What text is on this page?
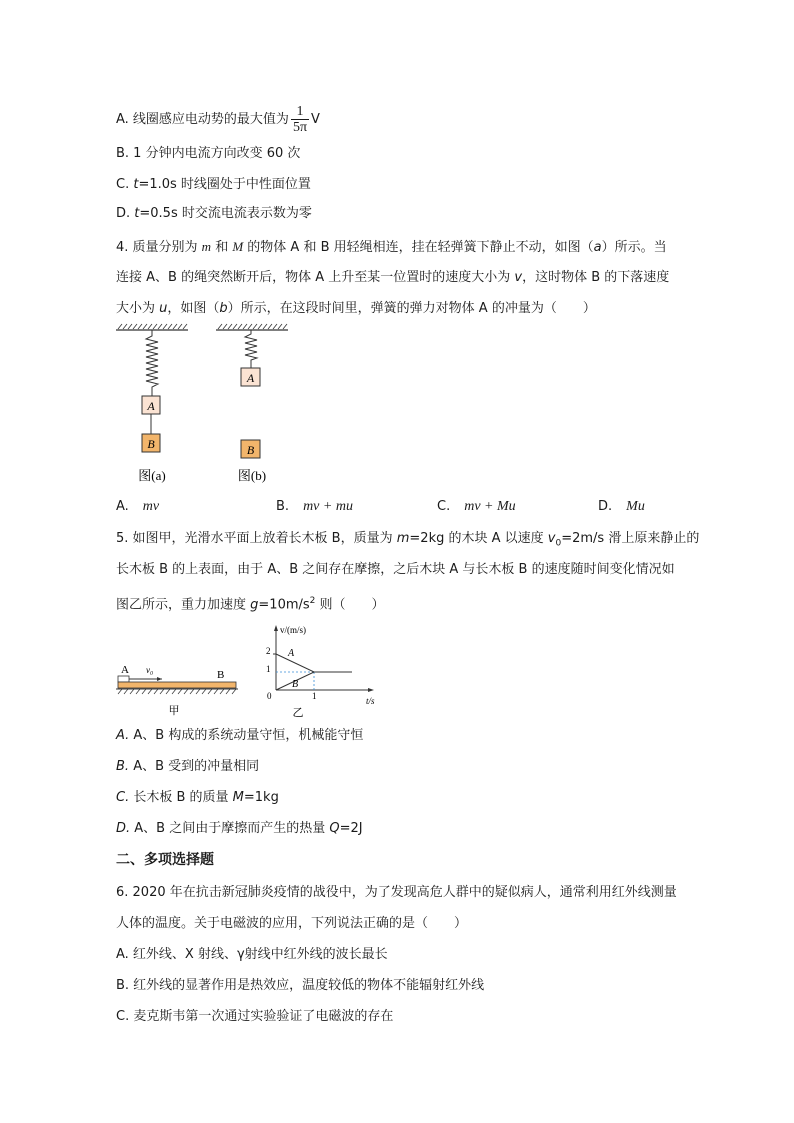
A. 线圈感应电动势的最大值为 $\frac{1}{5\pi}$ V
B. 1 分钟内电流方向改变 60 次
C. t=1.0s 时线圈处于中性面位置
D. t=0.5s 时交流电流表示数为零
4. 质量分别为 m 和 M 的物体 A 和 B 用轻绳相连，挂在轻弹簧下静止不动，如图（a）所示。当
连接 A、B 的绳突然断开后，物体 A 上升至某一位置时的速度大小为 v，这时物体 B 的下落速度
大小为 u，如图（b）所示，在这段时间里，弹簧的弹力对物体 A 的冲量为（　　）
A
B
图(a)
A
B
图(b)
A. mv	B. mv + mu	C. mv + Mu	D. Mu
5. 如图甲，光滑水平面上放着长木板 B，质量为 m=2kg 的木块 A 以速度 $v_0=2m/s$ 滑上原来静止的
长木板 B 的上表面，由于 A、B 之间存在摩擦，之后木块 A 与长木板 B 的速度随时间变化情况如
图乙所示，重力加速度 $g=10m/s^2$ 则（　　）
A v₀	B
甲
v/(m/s)
t/s
2
1
0	1
A
B
乙
A. A、B 构成的系统动量守恒，机械能守恒
B. A、B 受到的冲量相同
C. 长木板 B 的质量 M=1kg
D. A、B 之间由于摩擦而产生的热量 Q=2J
二、多项选择题
6. 2020 年在抗击新冠肺炎疫情的战役中，为了发现高危人群中的疑似病人，通常利用红外线测量
人体的温度。关于电磁波的应用，下列说法正确的是（　　）
A. 红外线、X 射线、γ射线中红外线的波长最长
B. 红外线的显著作用是热效应，温度较低的物体不能辐射红外线
C. 麦克斯韦第一次通过实验验证了电磁波的存在
